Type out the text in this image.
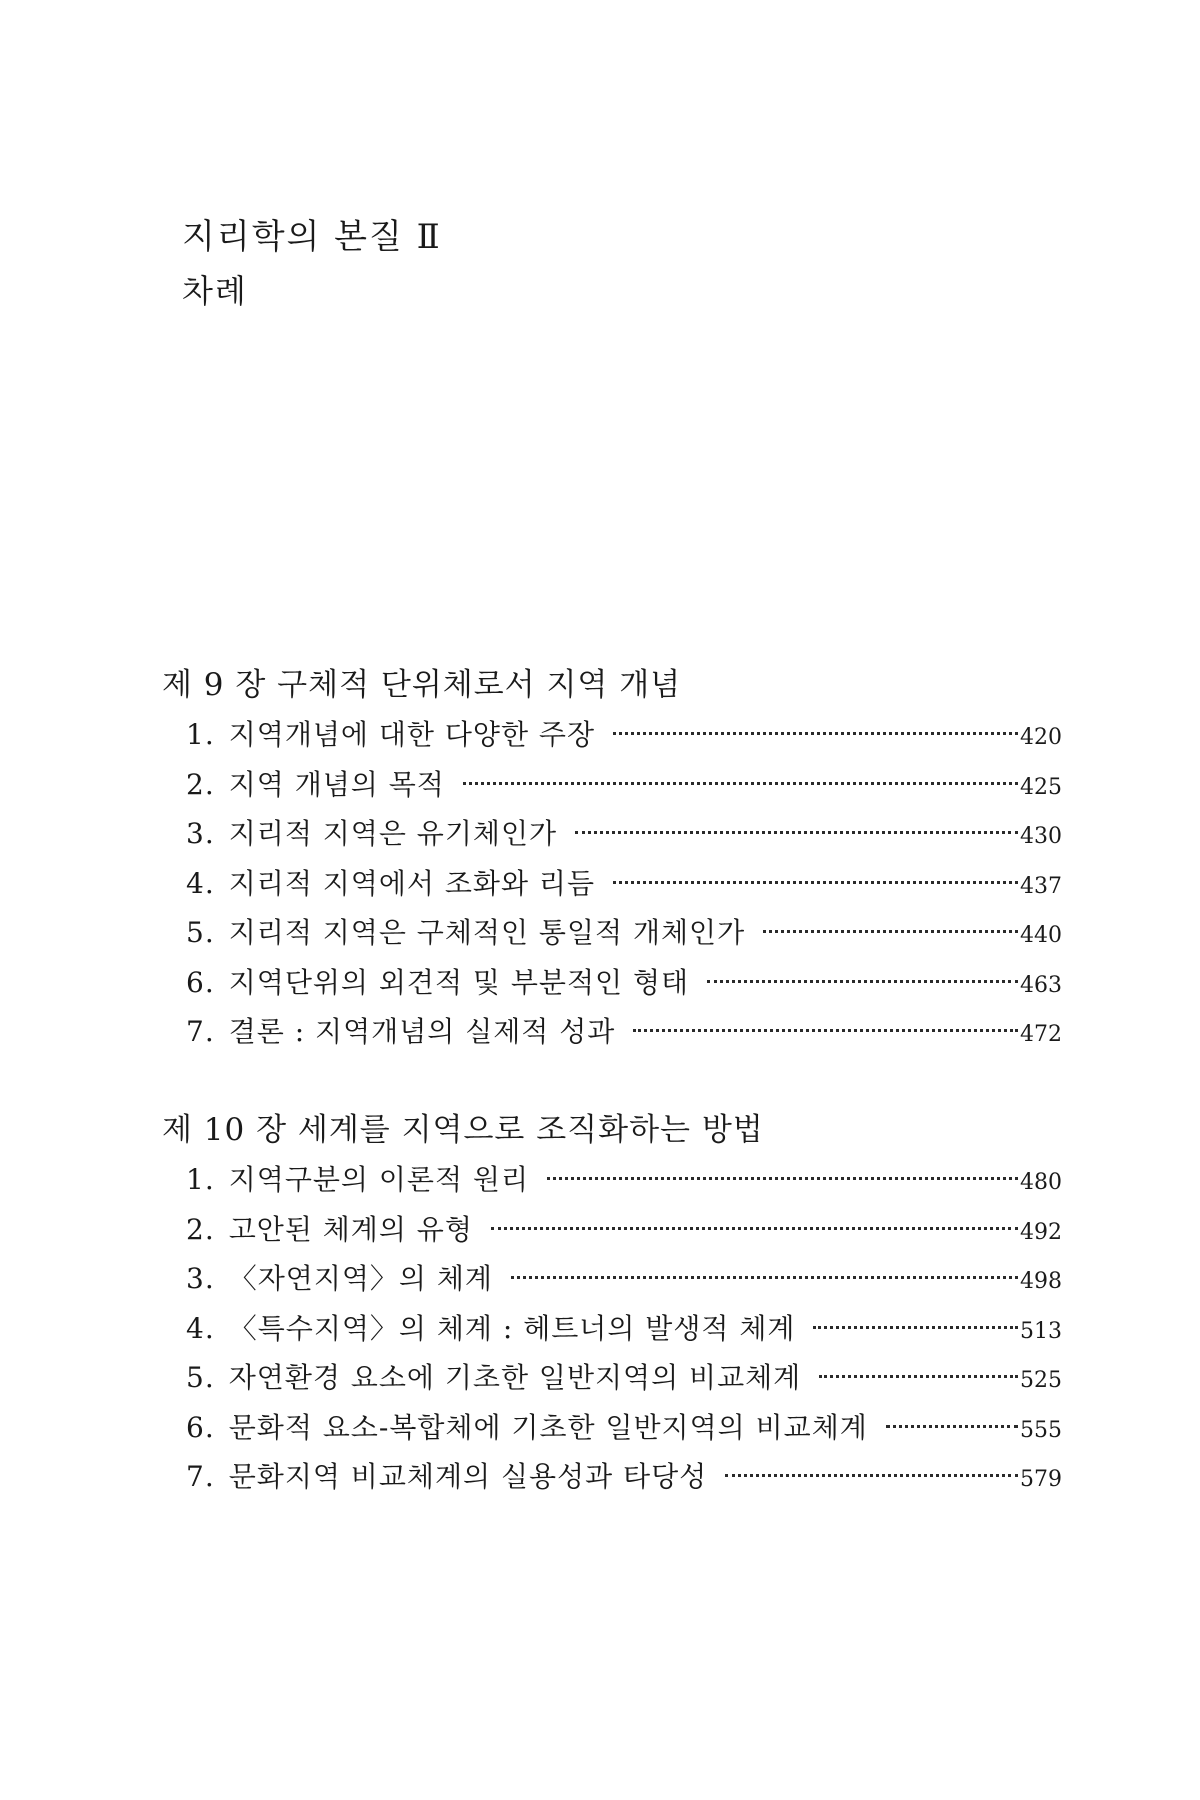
지리학의 본질 Ⅱ
차례
제 9 장 구체적 단위체로서 지역 개념
1. 지역개념에 대한 다양한 주장	420
2. 지역 개념의 목적	425
3. 지리적 지역은 유기체인가	430
4. 지리적 지역에서 조화와 리듬	437
5. 지리적 지역은 구체적인 통일적 개체인가	440
6. 지역단위의 외견적 및 부분적인 형태	463
7. 결론 : 지역개념의 실제적 성과	472
제 10 장 세계를 지역으로 조직화하는 방법
1. 지역구분의 이론적 원리	480
2. 고안된 체계의 유형	492
3. 〈자연지역〉의 체계	498
4. 〈특수지역〉의 체계 : 헤트너의 발생적 체계	513
5. 자연환경 요소에 기초한 일반지역의 비교체계	525
6. 문화적 요소-복합체에 기초한 일반지역의 비교체계	555
7. 문화지역 비교체계의 실용성과 타당성	579
